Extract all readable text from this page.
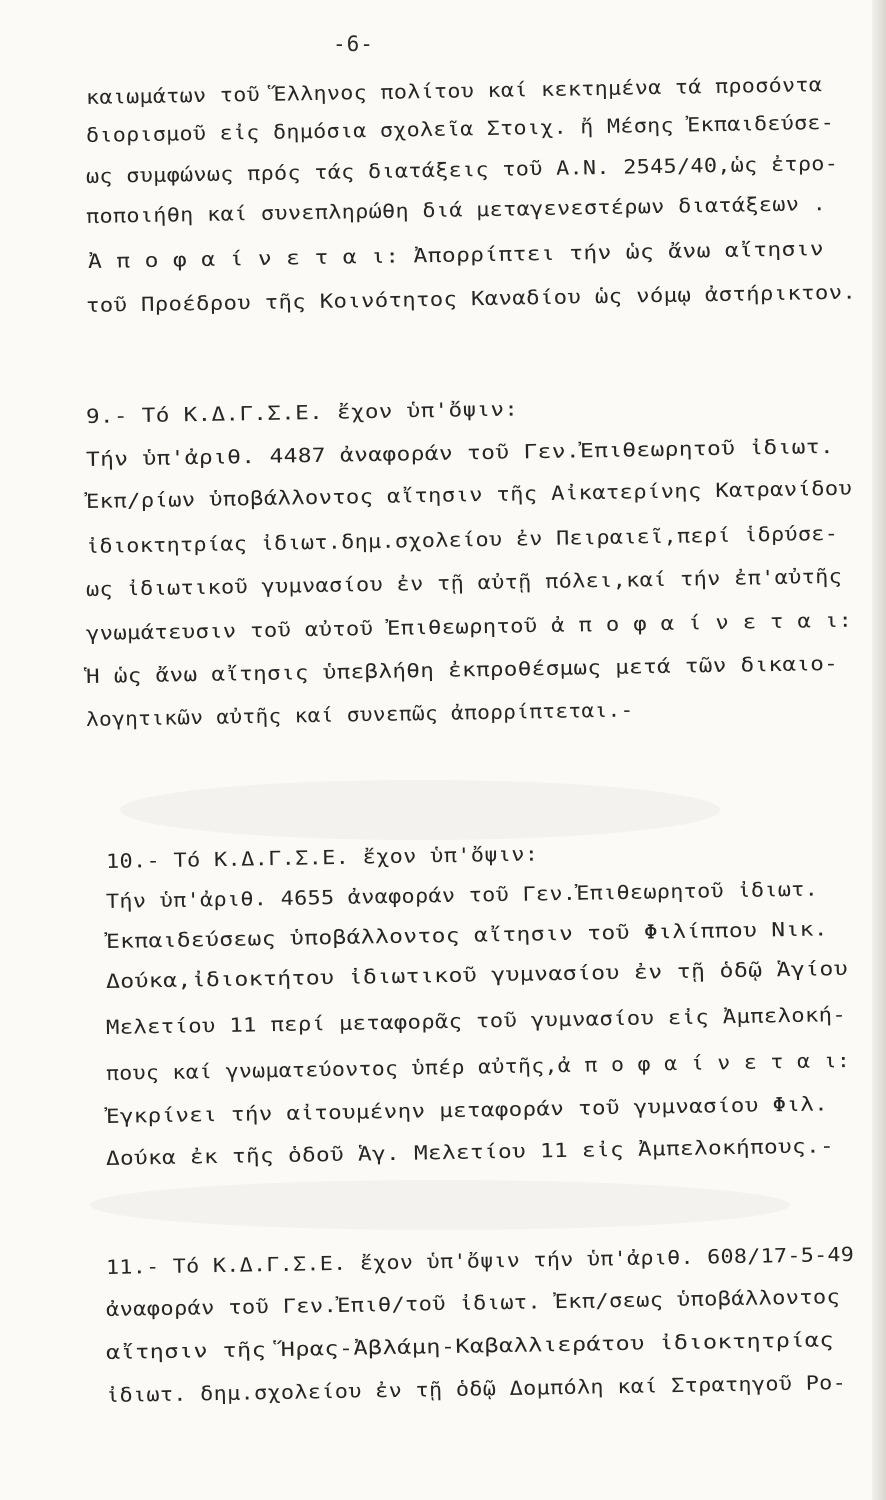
-6-
καιωμάτων τοῦ Ἕλληνος πολίτου καί κεκτημένα τά προσόντα
διορισμοῦ εἰς δημόσια σχολεῖα Στοιχ. ἤ Μέσης Ἐκπαιδεύσε-
ως συμφώνως πρός τάς διατάξεις τοῦ Α.Ν. 2545/40,ὡς ἐτρο-
ποποιήθη καί συνεπληρώθη διά μεταγενεστέρων διατάξεων .
Ἀ π ο φ α ί ν ε τ α ι: Ἀπορρίπτει τήν ὡς ἄνω αἴτησιν
τοῦ Προέδρου τῆς Κοινότητος Καναδίου ὡς νόμῳ ἀστήρικτον.
9.- Τό Κ.Δ.Γ.Σ.Ε. ἔχον ὑπ'ὄψιν:
Τήν ὑπ'ἀριθ. 4487 ἀναφοράν τοῦ Γεν.Ἐπιθεωρητοῦ ἰδιωτ.
Ἐκπ/ρίων ὑποβάλλοντος αἴτησιν τῆς Αἰκατερίνης Κατρανίδου
ἰδιοκτητρίας ἰδιωτ.δημ.σχολείου ἐν Πειραιεῖ,περί ἱδρύσε-
ως ἰδιωτικοῦ γυμνασίου ἐν τῇ αὐτῇ πόλει,καί τήν ἐπ'αὐτῆς
γνωμάτευσιν τοῦ αὐτοῦ Ἐπιθεωρητοῦ ἀ π ο φ α ί ν ε τ α ι:
Ἡ ὡς ἄνω αἴτησις ὑπεβλήθη ἐκπροθέσμως μετά τῶν δικαιο-
λογητικῶν αὐτῆς καί συνεπῶς ἀπορρίπτεται.-
10.- Τό Κ.Δ.Γ.Σ.Ε. ἔχον ὑπ'ὄψιν:
Τήν ὑπ'ἀριθ. 4655 ἀναφοράν τοῦ Γεν.Ἐπιθεωρητοῦ ἰδιωτ.
Ἐκπαιδεύσεως ὑποβάλλοντος αἴτησιν τοῦ Φιλίππου Νικ.
Δούκα,ἰδιοκτήτου ἰδιωτικοῦ γυμνασίου ἐν τῇ ὁδῷ Ἁγίου
Μελετίου 11 περί μεταφορᾶς τοῦ γυμνασίου εἰς Ἀμπελοκή-
πους καί γνωματεύοντος ὑπέρ αὐτῆς,ἀ π ο φ α ί ν ε τ α ι:
Ἐγκρίνει τήν αἰτουμένην μεταφοράν τοῦ γυμνασίου Φιλ.
Δούκα ἐκ τῆς ὁδοῦ Ἁγ. Μελετίου 11 εἰς Ἀμπελοκήπους.-
11.- Τό Κ.Δ.Γ.Σ.Ε. ἔχον ὑπ'ὄψιν τήν ὑπ'ἀριθ. 608/17-5-49
ἀναφοράν τοῦ Γεν.Ἐπιθ/τοῦ ἰδιωτ. Ἐκπ/σεως ὑποβάλλοντος
αἴτησιν τῆς Ἥρας-Ἀβλάμη-Καβαλλιεράτου ἰδιοκτητρίας
ἰδιωτ. δημ.σχολείου ἐν τῇ ὁδῷ Δομπόλη καί Στρατηγοῦ Ρο-
